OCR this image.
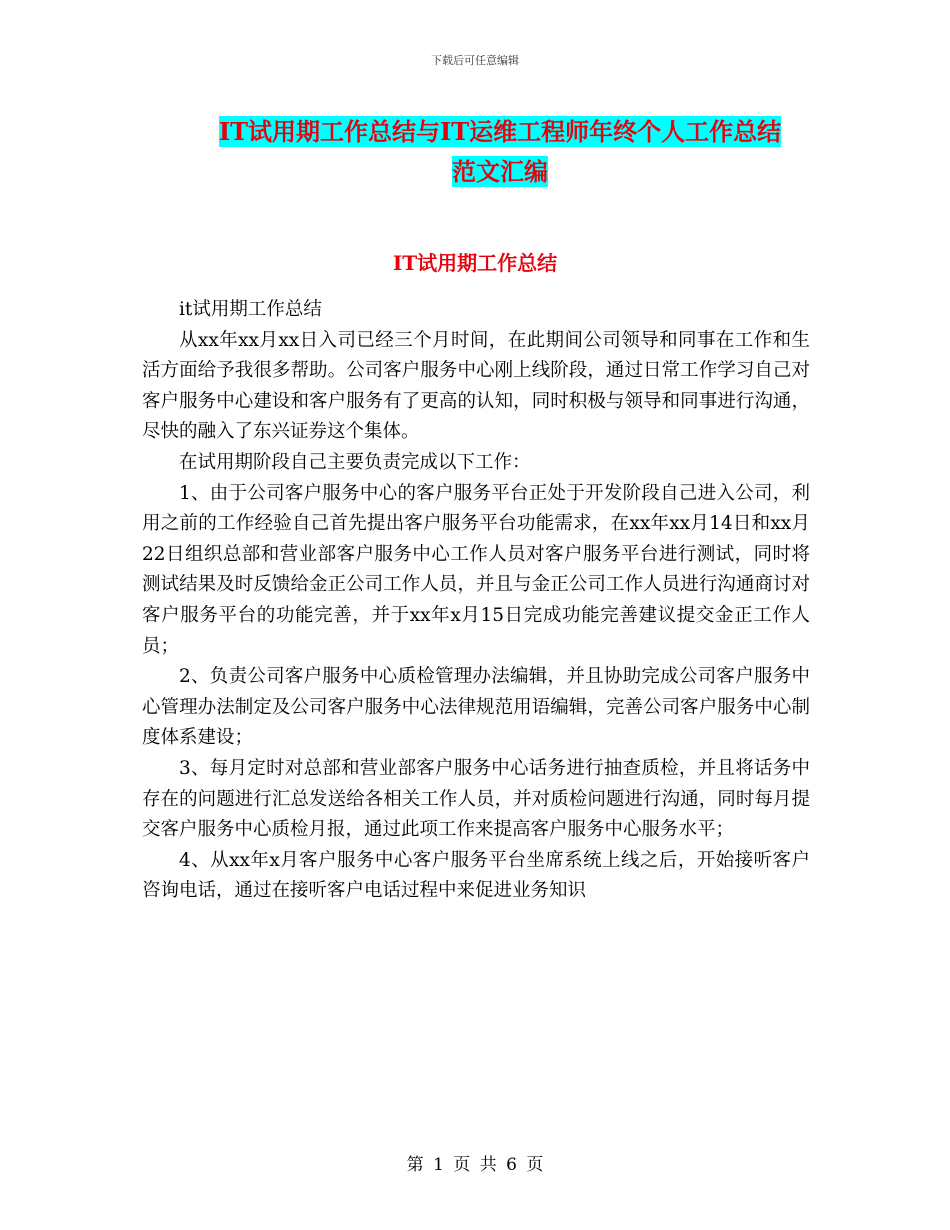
下载后可任意编辑
IT试用期工作总结与IT运维工程师年终个人工作总结
范文汇编
IT试用期工作总结

it试用期工作总结

从xx年xx月xx日入司已经三个月时间，在此期间公司领导和同事在工作和生活方面给予我很多帮助。公司客户服务中心刚上线阶段，通过日常工作学习自己对客户服务中心建设和客户服务有了更高的认知，同时积极与领导和同事进行沟通，尽快的融入了东兴证券这个集体。

在试用期阶段自己主要负责完成以下工作：

1、由于公司客户服务中心的客户服务平台正处于开发阶段自己进入公司，利用之前的工作经验自己首先提出客户服务平台功能需求，在xx年xx月14日和xx月22日组织总部和营业部客户服务中心工作人员对客户服务平台进行测试，同时将测试结果及时反馈给金正公司工作人员，并且与金正公司工作人员进行沟通商讨对客户服务平台的功能完善，并于xx年x月15日完成功能完善建议提交金正工作人员；

2、负责公司客户服务中心质检管理办法编辑，并且协助完成公司客户服务中心管理办法制定及公司客户服务中心法律规范用语编辑，完善公司客户服务中心制度体系建设；

3、每月定时对总部和营业部客户服务中心话务进行抽查质检，并且将话务中存在的问题进行汇总发送给各相关工作人员，并对质检问题进行沟通，同时每月提交客户服务中心质检月报，通过此项工作来提高客户服务中心服务水平；

4、从xx年x月客户服务中心客户服务平台坐席系统上线之后，开始接听客户咨询电话，通过在接听客户电话过程中来促进业务知识

第 1 页 共 6 页
